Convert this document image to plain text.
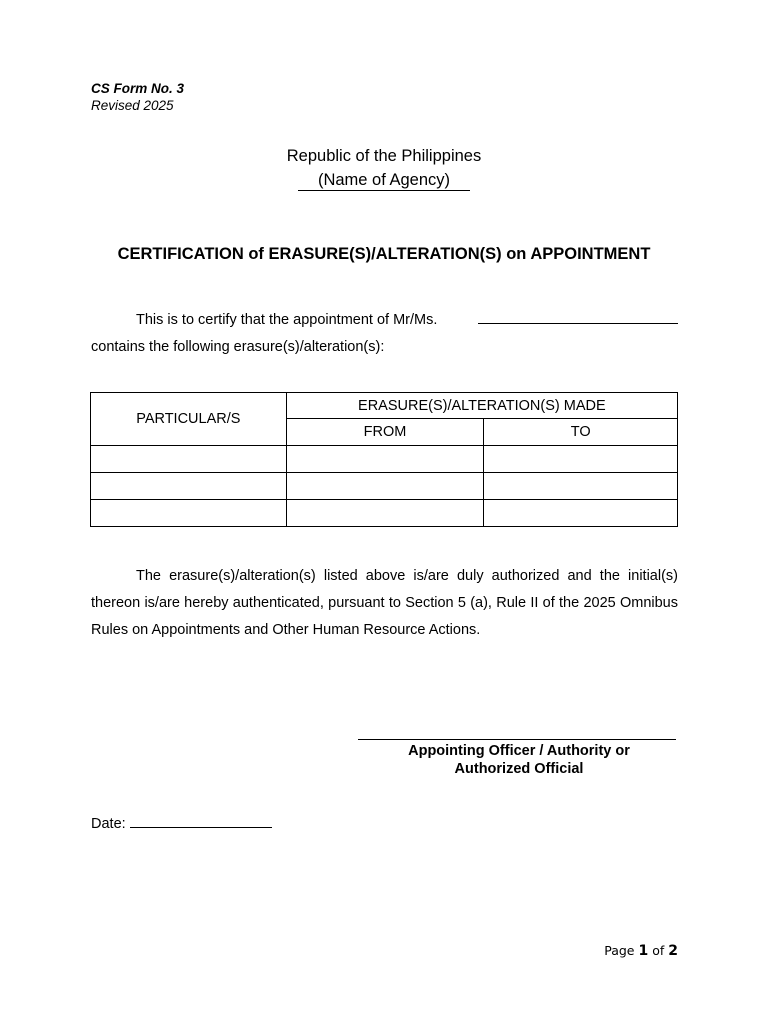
CS Form No. 3
Revised 2025
Republic of the Philippines
(Name of Agency)
CERTIFICATION of ERASURE(S)/ALTERATION(S) on APPOINTMENT
This is to certify that the appointment of Mr/Ms.
contains the following erasure(s)/alteration(s):
PARTICULAR/S	ERASURE(S)/ALTERATION(S) MADE	
	FROM	TO

The erasure(s)/alteration(s) listed above is/are duly authorized and the initial(s) thereon is/are hereby authenticated, pursuant to Section 5 (a), Rule II of the 2025 Omnibus Rules on Appointments and Other Human Resource Actions.
Appointing Officer / Authority or
Authorized Official
Date:
Page 1 of 2
